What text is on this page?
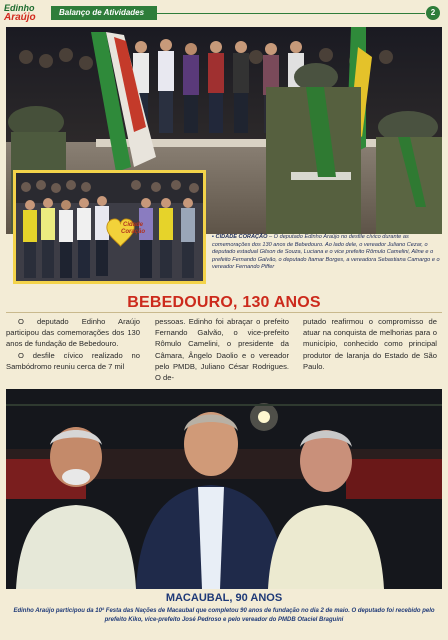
Edinho
Araújo	Balanço de Atividades	2
Cidade
Coração
▪ CIDADE CORAÇÃO – O deputado Edinho Araújo no desfile cívico durante as comemorações dos 130 anos de Bebedouro. Ao lado dele, o vereador Juliano Cezar, o deputado estadual Gilson de Souza, Luciana e o vice prefeito Rômulo Camelini, Aline e o prefeito Fernando Galvão, o deputado Itamar Borges, a vereadora Sebastiana Camargo e o vereador Fernando Piffer
BEBEDOURO, 130 ANOS

O deputado Edinho Araújo participou das comemorações dos 130 anos de fundação de Bebedouro.

O desfile cívico realizado no Sambódromo reuniu cerca de 7 mil

pessoas. Edinho foi abraçar o prefeito Fernando Galvão, o vice-prefeito Rômulo Camelini, o presidente da Câmara, Ângelo Daolio e o vereador pelo PMDB, Juliano César Rodrigues. O de-

putado reafirmou o compromisso de atuar na conquista de melhorias para o município, conhecido como principal produtor de laranja do Estado de São Paulo.

MACAUBAL, 90 ANOS
Edinho Araújo participou da 10ª Festa das Nações de Macaubal que completou 90 anos de fundação no dia 2 de maio. O deputado foi recebido pelo prefeito Kiko, vice-prefeito José Pedroso e pelo vereador do PMDB Otaciel Braguini
